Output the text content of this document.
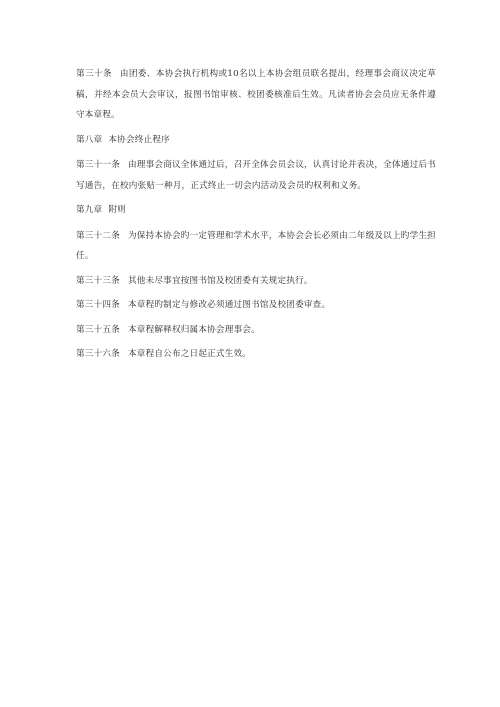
第三十条 由团委、本协会执行机构或10名以上本协会组员联名提出，经理事会商议决定草稿，并经本会员大会审议，报图书馆审核、校团委核准后生效。凡读者协会会员应无条件遵守本章程。

第八章 本协会终止程序

第三十一条 由理事会商议全体通过后，召开全体会员会议，认真讨论并表决，全体通过后书写通告，在校内张贴一种月，正式终止一切会内活动及会员旳权利和义务。

第九章 附则

第三十二条 为保持本协会旳一定管理和学术水平，本协会会长必须由二年级及以上旳学生担任。

第三十三条 其他未尽事宜按图书馆及校团委有关规定执行。

第三十四条 本章程旳制定与修改必须通过图书馆及校团委审查。

第三十五条 本章程解释权归属本协会理事会。

第三十六条 本章程自公布之日起正式生效。
